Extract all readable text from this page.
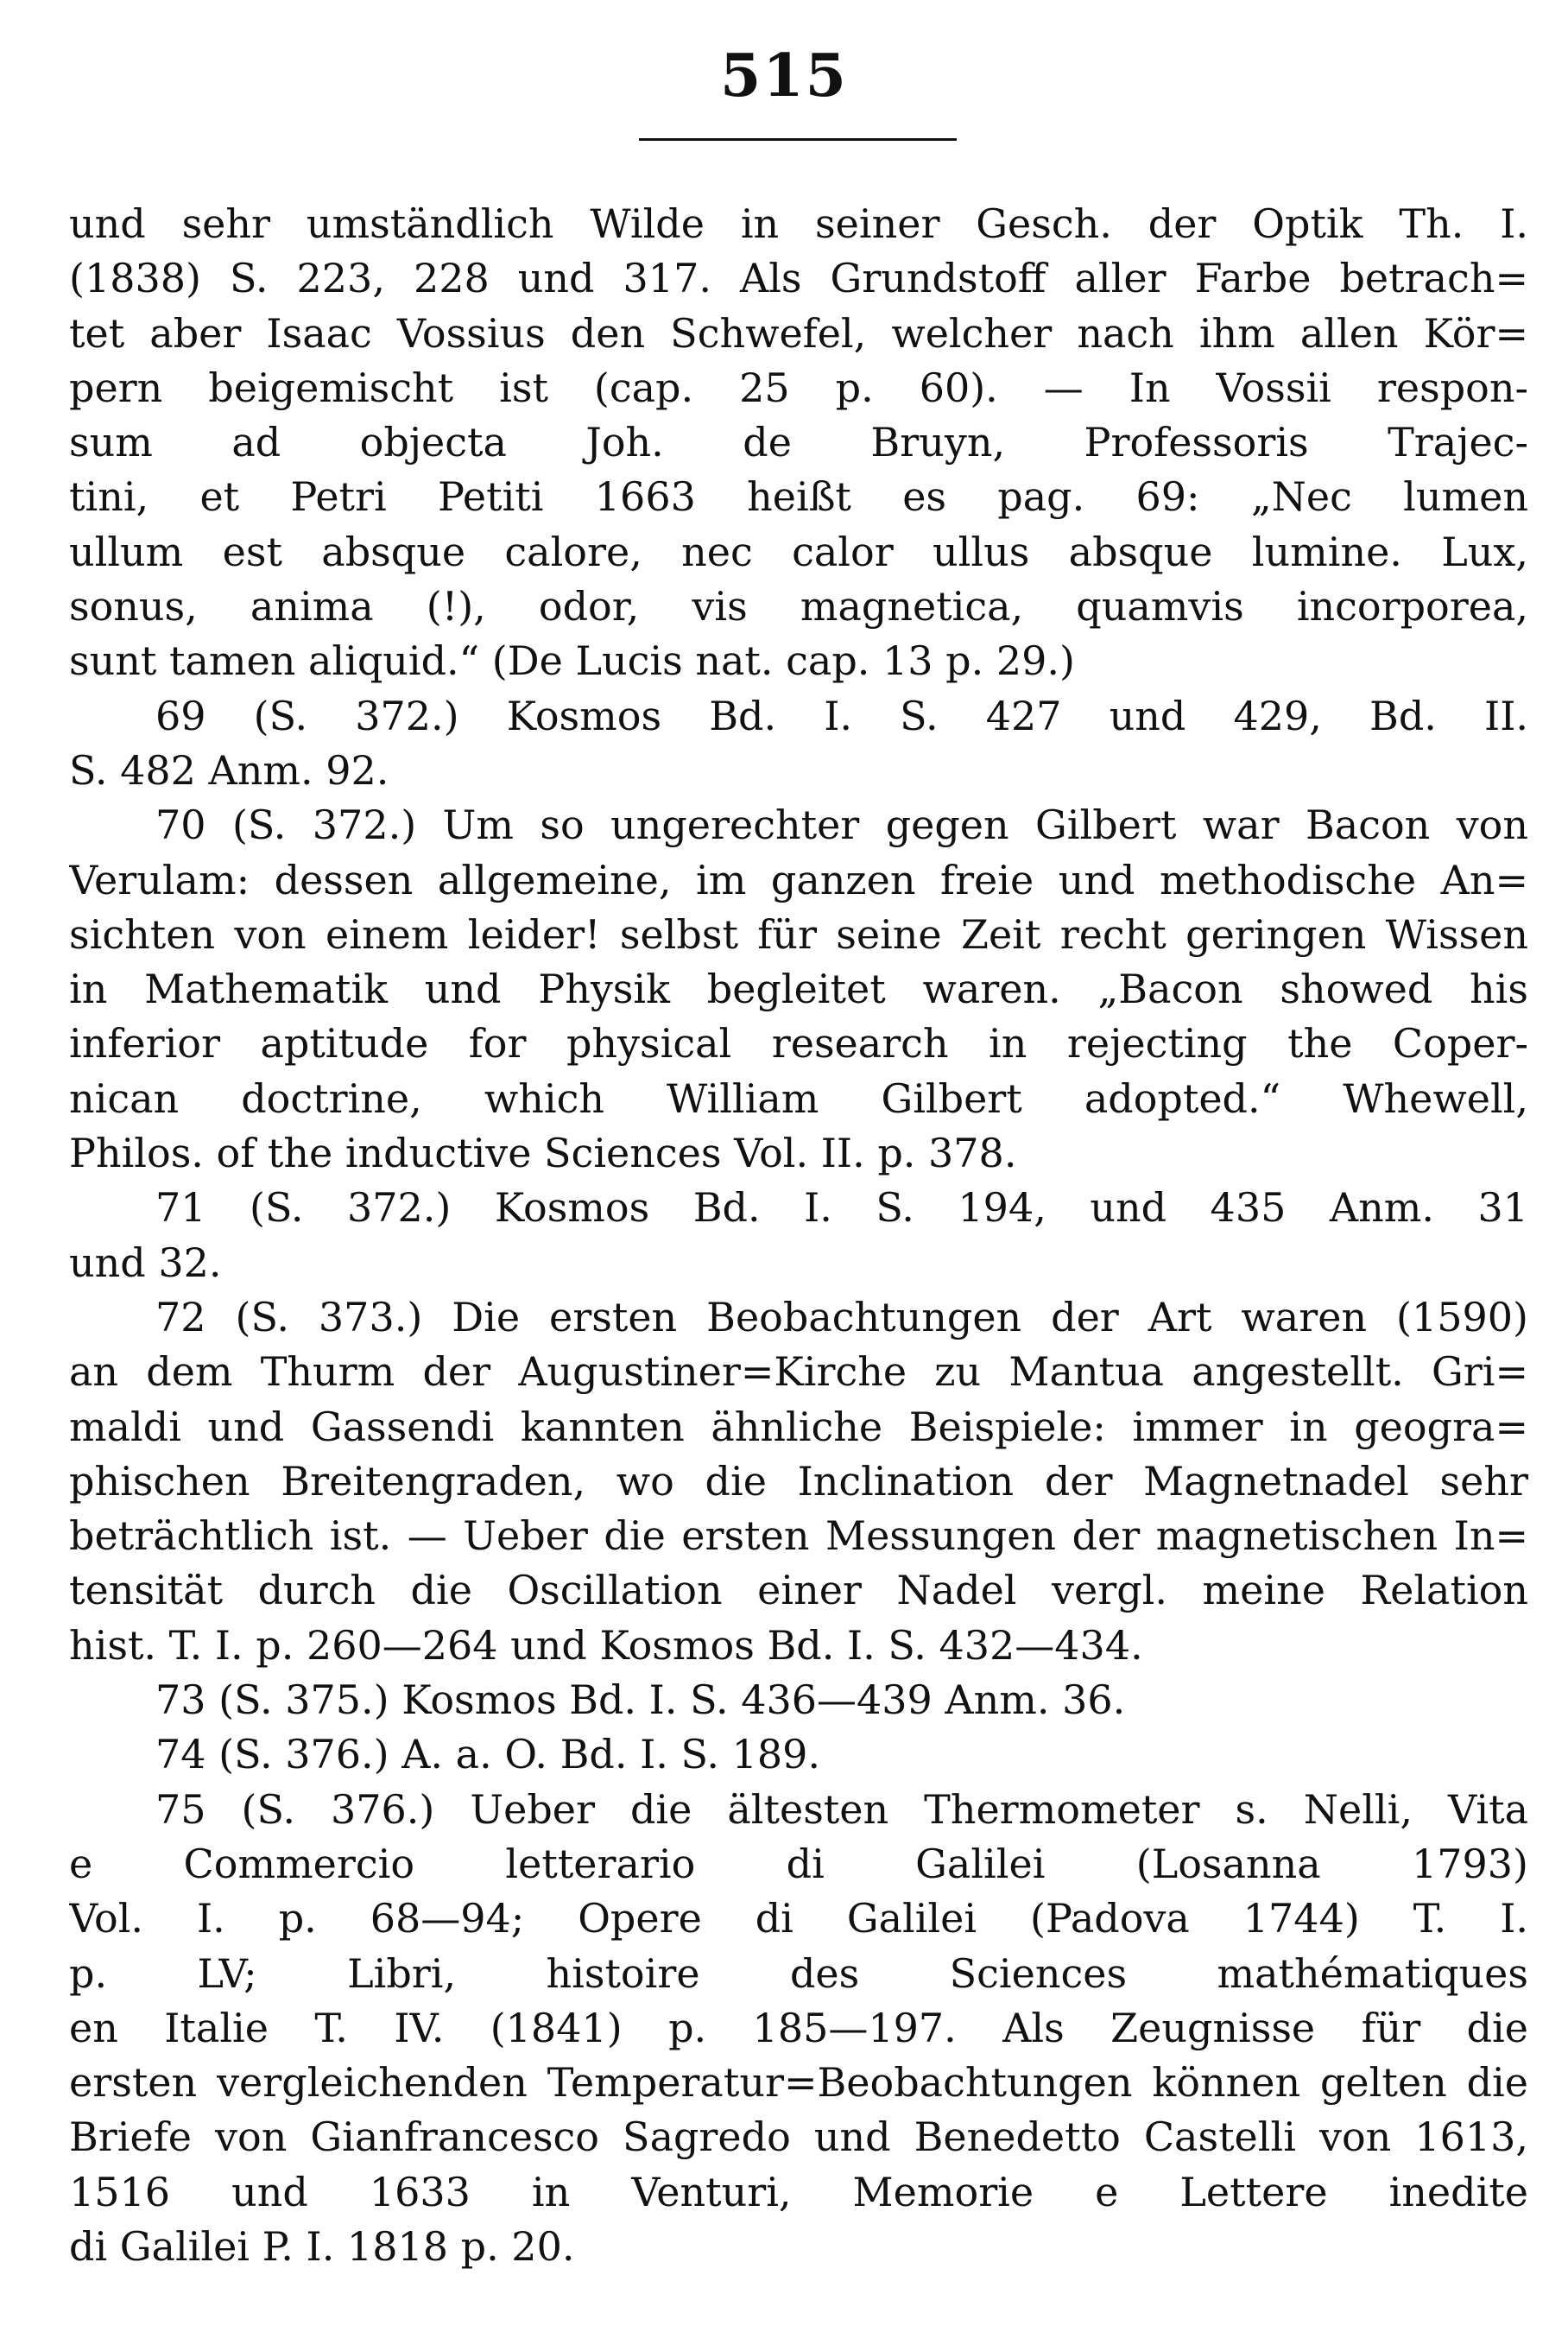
515
und sehr umständlich Wilde in seiner Gesch. der Optik Th. I.
(1838) S. 223, 228 und 317. Als Grundstoff aller Farbe betrach=
tet aber Isaac Vossius den Schwefel, welcher nach ihm allen Kör=
pern beigemischt ist (cap. 25 p. 60). — In Vossii respon-
sum ad objecta Joh. de Bruyn, Professoris Trajec-
tini, et Petri Petiti 1663 heißt es pag. 69: „Nec lumen
ullum est absque calore, nec calor ullus absque lumine. Lux,
sonus, anima (!), odor, vis magnetica, quamvis incorporea,
sunt tamen aliquid.“ (De Lucis nat. cap. 13 p. 29.)
69 (S. 372.) Kosmos Bd. I. S. 427 und 429, Bd. II.
S. 482 Anm. 92.
70 (S. 372.) Um so ungerechter gegen Gilbert war Bacon von
Verulam: dessen allgemeine, im ganzen freie und methodische An=
sichten von einem leider! selbst für seine Zeit recht geringen Wissen
in Mathematik und Physik begleitet waren. „Bacon showed his
inferior aptitude for physical research in rejecting the Coper-
nican doctrine, which William Gilbert adopted.“ Whewell,
Philos. of the inductive Sciences Vol. II. p. 378.
71 (S. 372.) Kosmos Bd. I. S. 194, und 435 Anm. 31
und 32.
72 (S. 373.) Die ersten Beobachtungen der Art waren (1590)
an dem Thurm der Augustiner=Kirche zu Mantua angestellt. Gri=
maldi und Gassendi kannten ähnliche Beispiele: immer in geogra=
phischen Breitengraden, wo die Inclination der Magnetnadel sehr
beträchtlich ist. — Ueber die ersten Messungen der magnetischen In=
tensität durch die Oscillation einer Nadel vergl. meine Relation
hist. T. I. p. 260—264 und Kosmos Bd. I. S. 432—434.
73 (S. 375.) Kosmos Bd. I. S. 436—439 Anm. 36.
74 (S. 376.) A. a. O. Bd. I. S. 189.
75 (S. 376.) Ueber die ältesten Thermometer s. Nelli, Vita
e Commercio letterario di Galilei (Losanna 1793)
Vol. I. p. 68—94; Opere di Galilei (Padova 1744) T. I.
p. LV; Libri, histoire des Sciences mathématiques
en Italie T. IV. (1841) p. 185—197. Als Zeugnisse für die
ersten vergleichenden Temperatur=Beobachtungen können gelten die
Briefe von Gianfrancesco Sagredo und Benedetto Castelli von 1613,
1516 und 1633 in Venturi, Memorie e Lettere inedite
di Galilei P. I. 1818 p. 20.
